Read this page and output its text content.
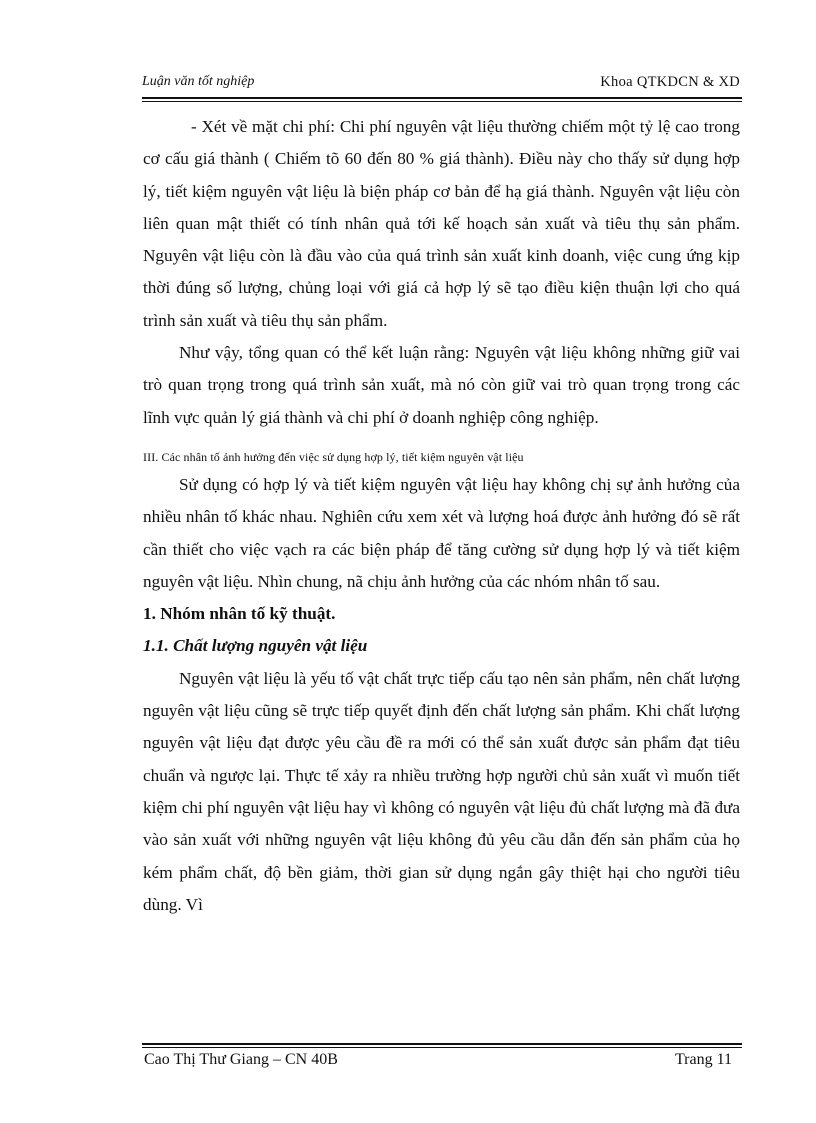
Luận văn tốt nghiệp	Khoa QTKDCN & XD

- Xét về mặt chi phí: Chi phí nguyên vật liệu thường chiếm một tỷ lệ cao trong cơ cấu giá thành ( Chiếm tõ 60 đến 80 % giá thành). Điều này cho thấy sử dụng hợp lý, tiết kiệm nguyên vật liệu là biện pháp cơ bản để hạ giá thành. Nguyên vật liệu còn liên quan mật thiết có tính nhân quả tới kế hoạch sản xuất và tiêu thụ sản phẩm. Nguyên vật liệu còn là đầu vào của quá trình sản xuất kinh doanh, việc cung ứng kịp thời đúng số lượng, chủng loại với giá cả hợp lý sẽ tạo điều kiện thuận lợi cho quá trình sản xuất và tiêu thụ sản phẩm.

Như vậy, tổng quan có thể kết luận rằng: Nguyên vật liệu không những giữ vai trò quan trọng trong quá trình sản xuất, mà nó còn giữ vai trò quan trọng trong các lĩnh vực quản lý giá thành và chi phí ở doanh nghiệp công nghiệp.

III. Các nhân tố ảnh hưởng đến việc sử dụng hợp lý, tiết kiệm nguyên vật liệu

Sử dụng có hợp lý và tiết kiệm nguyên vật liệu hay không chị sự ảnh hưởng của nhiều nhân tố khác nhau. Nghiên cứu xem xét và lượng hoá được ảnh hưởng đó sẽ rất cần thiết cho việc vạch ra các biện pháp để tăng cường sử dụng hợp lý và tiết kiệm nguyên vật liệu. Nhìn chung, nã chịu ảnh hưởng của các nhóm nhân tố sau.

1. Nhóm nhân tố kỹ thuật.

1.1. Chất lượng nguyên vật liệu

Nguyên vật liệu là yếu tố vật chất trực tiếp cấu tạo nên sản phẩm, nên chất lượng nguyên vật liệu cũng sẽ trực tiếp quyết định đến chất lượng sản phẩm. Khi chất lượng nguyên vật liệu đạt được yêu cầu đề ra mới có thể sản xuất được sản phẩm đạt tiêu chuẩn và ngược lại. Thực tế xảy ra nhiều trường hợp người chủ sản xuất vì muốn tiết kiệm chi phí nguyên vật liệu hay vì không có nguyên vật liệu đủ chất lượng mà đã đưa vào sản xuất với những nguyên vật liệu không đủ yêu cầu dẫn đến sản phẩm của họ kém phẩm chất, độ bền giảm, thời gian sử dụng ngắn gây thiệt hại cho người tiêu dùng. Vì

Cao Thị Thư Giang – CN 40B	Trang 11
